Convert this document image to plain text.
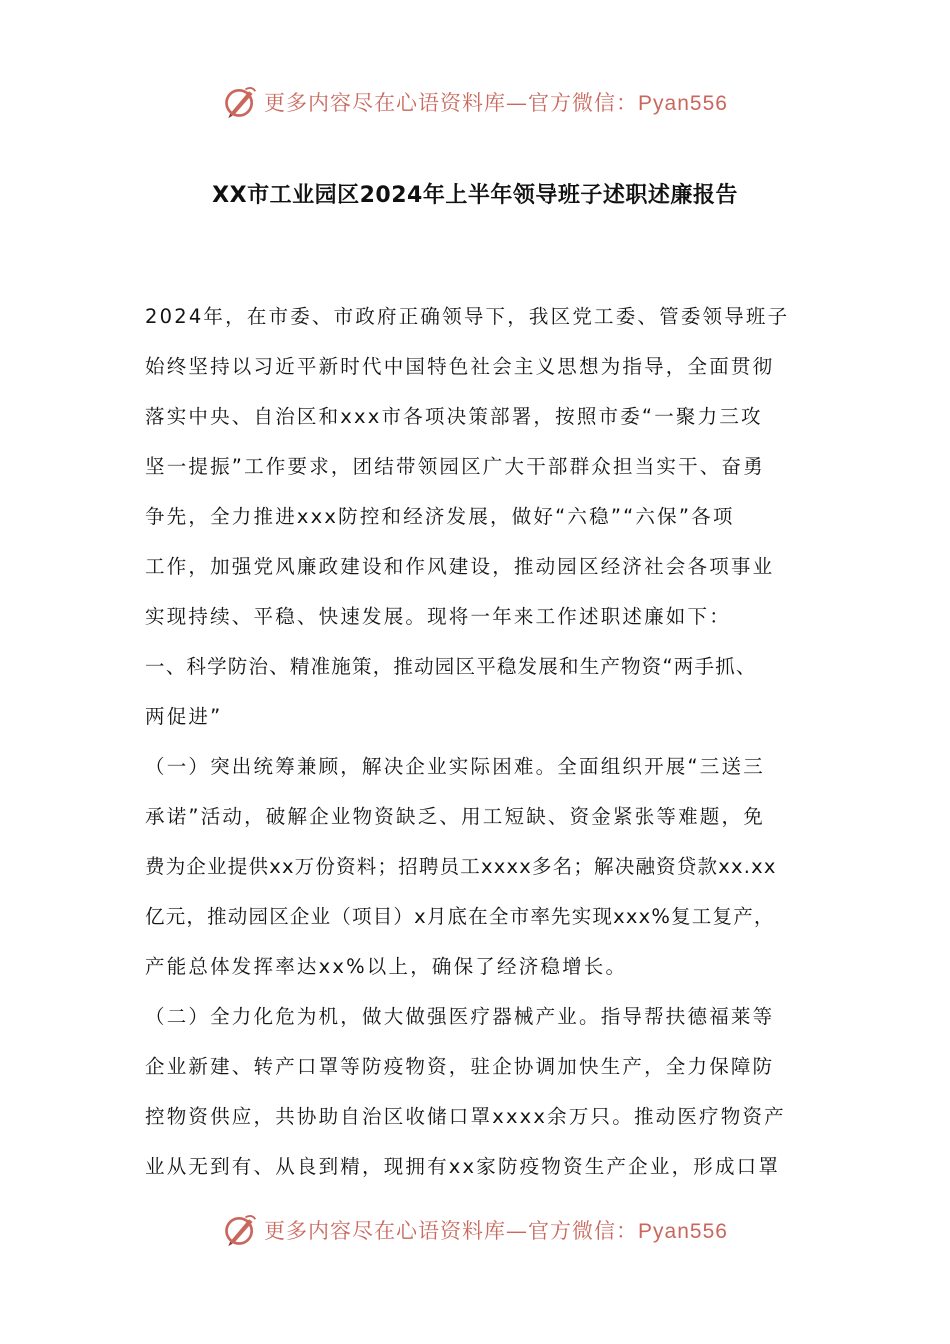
更多内容尽在心语资料库—官方微信：Pyan556
XX市工业园区2024年上半年领导班子述职述廉报告
2024年，在市委、市政府正确领导下，我区党工委、管委领导班子
始终坚持以习近平新时代中国特色社会主义思想为指导，全面贯彻
落实中央、自治区和xxx市各项决策部署，按照市委“一聚力三攻
坚一提振”工作要求，团结带领园区广大干部群众担当实干、奋勇
争先，全力推进xxx防控和经济发展，做好“六稳”“六保”各项
工作，加强党风廉政建设和作风建设，推动园区经济社会各项事业
实现持续、平稳、快速发展。现将一年来工作述职述廉如下：
一、科学防治、精准施策，推动园区平稳发展和生产物资“两手抓、
两促进”
（一）突出统筹兼顾，解决企业实际困难。全面组织开展“三送三
承诺”活动，破解企业物资缺乏、用工短缺、资金紧张等难题，免
费为企业提供xx万份资料；招聘员工xxxx多名；解决融资贷款xx.xx
亿元，推动园区企业（项目）x月底在全市率先实现xxx%复工复产，
产能总体发挥率达xx%以上，确保了经济稳增长。
（二）全力化危为机，做大做强医疗器械产业。指导帮扶德福莱等
企业新建、转产口罩等防疫物资，驻企协调加快生产，全力保障防
控物资供应，共协助自治区收储口罩xxxx余万只。推动医疗物资产
业从无到有、从良到精，现拥有xx家防疫物资生产企业，形成口罩
更多内容尽在心语资料库—官方微信：Pyan556
